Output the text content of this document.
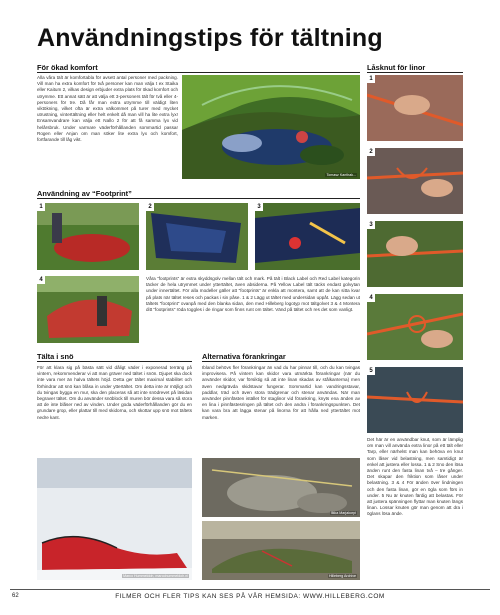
Användningstips för tältning
För ökad komfort
Alla våra tält är komfortabla för avsett antal personer med packning. Vill man ha extra komfort för två personer kan man välja t ex Staika eller Kaitum 2, vilkas design erbjuder extra plats för ökad komfort och utrymme. Ett annat sätt är att välja ett 3-personers tält för två eller 4-personers för tre. Då får man extra utrymme till väldigt liten viktökning, vilket ofta är extra välkommet på turer med mycket utrustning, vintertältning eller helt enkelt då man vill ha lite extra lyx! Ensamvandrare kan välja ett Nallo 2 för att få samma lyx vid helårsbruk. Under varmare väderförhållanden sommartid passar Rogen eller Anjan om man söker lite extra lyx och komfort, fortfarande till låg vikt.
Tomasz Kanthak...
Användning av “Footprint”
1	2	3
4	Våra “footprints” är extra skyddsgolv mellan tält och mark. På tält i Black Label och Red Label kategorin täcker de hela utrymmet under yttertältet, även absiderna. På Yellow Label tält täcks endast golvytan under innertältet. För alla modeller gäller att “footprints” är enkla att montera, samt att de kan sitta kvar på plats när tältet reses och packas i sin påse. 1 & 2 Lägg ut tältet med undersidan uppåt. Lägg sedan ut tältets “footprint” ovanpå med den blanka sidan, den med Hilleberg logotyp mot tältgolvet 3 & 4 Montera ditt “footprints” röda toggles i de ringar som finns runt om tältet. Vänd på tältet och res det som vanligt.
Tälta i snö
För att klara sig på bästa sätt vid dåligt väder i exponerad terräng på vintern, rekommenderar vi att man gräver ned tältet i snön. Djupet ska dock inte vara mer än halva tältets höjd. Detta ger tältet maximal stabilitet och förhindrar att snö kan blåsa in under yttertältet. Om detta inte är möjligt och du tvingas bygga en mur, ska den placeras så att inte snödrevet på läsidan begraver tältet. Om du använder snöblock till muren bör dessa vara så stora att de inte blåser ned av vinden. Under goda väderförhållanden gör du en grundare grop, eller plattar till med skidorna, och skottar upp snö mot tältets nedre kant.
Marco Hummeldoh, marcohummeldoh.nl
Alternativa förankringar
Ibland behövs fler förankringar än vad du har pinnar till, och du kan tvingas improvisera. På vintern kan skidor vara utmärkta förankringar (när du använder skidor, var försiktig så att inte linan skadas av stålkanterna) men även nedgrävda skidstavar fungerar. Sommartid kan vandringsstavar, paddlar, träd och även stora trädgrenar och stenar användas. När man använder pinnfästen istället för staglinor vid förankring, knyts ena änden av en lina i pinnfästesringen på tältet och den andra i förankringspunkten. Det kan vara bra att lägga stenar på linorna för att hålla ned yttertältet mot marken.
Ilkka Marjakorpi
Hilleberg Archive
Låsknut för linor
1
2
3
4
5
Det här är en användbar knut, som är lämplig om man vill använda extra linor på ett tält eller Tarp, eller närhelst man kan behöva en knut som låser vid belastning, men samtidigt är enkel att justera eller lossa. 1 & 2 Sno den lösa änden runt den fasta linan två – tre gånger. Det skapar den friktion som låser under belastning. 3 & 4 För änden över lindningen och den fasta linan, gör en ögla som förs in under. 5 Nu är knuten färdig att belastas. För att justera spänningen flyttar man knuten längs linan. Lossar knuten gör man genom att dra i öglans lösa ände.
62	FILMER OCH FLER TIPS KAN SES PÅ VÅR HEMSIDA: WWW.HILLEBERG.COM
